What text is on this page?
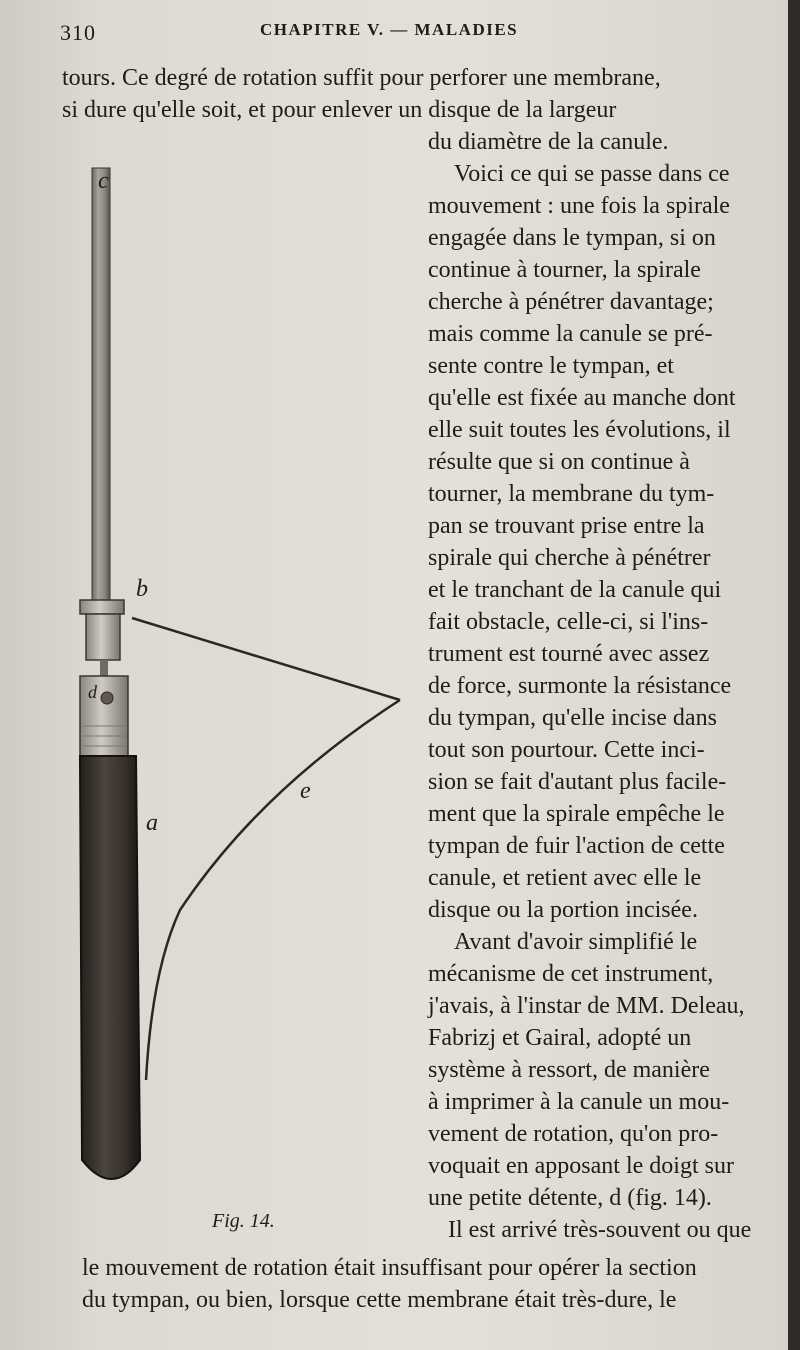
310	CHAPITRE V. — MALADIES
tours. Ce degré de rotation suffit pour perforer une membrane,
si dure qu'elle soit, et pour enlever un disque de la largeur
du diamètre de la canule.
Voici ce qui se passe dans ce
mouvement : une fois la spirale
engagée dans le tympan, si on
continue à tourner, la spirale
cherche à pénétrer davantage;
mais comme la canule se pré-
sente contre le tympan, et
qu'elle est fixée au manche dont
elle suit toutes les évolutions, il
résulte que si on continue à
tourner, la membrane du tym-
pan se trouvant prise entre la
spirale qui cherche à pénétrer
et le tranchant de la canule qui
fait obstacle, celle-ci, si l'ins-
trument est tourné avec assez
de force, surmonte la résistance
du tympan, qu'elle incise dans
tout son pourtour. Cette inci-
sion se fait d'autant plus facile-
ment que la spirale empêche le
tympan de fuir l'action de cette
canule, et retient avec elle le
disque ou la portion incisée.
Avant d'avoir simplifié le
mécanisme de cet instrument,
j'avais, à l'instar de MM. Deleau,
Fabrizj et Gairal, adopté un
système à ressort, de manière
à imprimer à la canule un mou-
vement de rotation, qu'on pro-
voquait en apposant le doigt sur
une petite détente, d (fig. 14).
Il est arrivé très-souvent ou que
le mouvement de rotation était insuffisant pour opérer la section
du tympan, ou bien, lorsque cette membrane était très-dure, le
c
b
d
e
a
Fig. 14.
